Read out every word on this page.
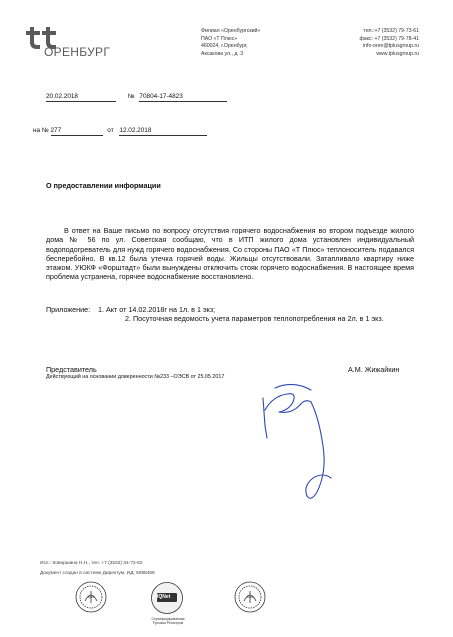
ОРЕНБУРГ
Филиал «Оренбургский»
ПАО «Т Плюс»
460024, г.Оренбург,
Аксакова ул., д. 3
тел.:+7 (3532) 79-73-61
факс: +7 (3532) 79-78-41
info-oren@tplusgroup.ru
www.tplusgroup.ru
20.02.2018	№ 70804-17-4823
на № 277	от 12.02.2018
О предоставлении информации
В ответ на Ваше письмо по вопросу отсутствия горячего водоснабжения во втором подъезде жилого дома № 56 по ул. Советская сообщаю, что в ИТП жилого дома установлен индивидуальный водоподогреватель для нужд горячего водоснабжения. Со стороны ПАО «Т Плюс» теплоноситель подавался бесперебойно. В кв.12 была утечка горячей воды. Жильцы отсутствовали. Затапливало квартиру ниже этажом. УЮКФ «Форштадт» были вынуждены отключить стояк горячего водоснабжения. В настоящее время проблема устранена, горячее водоснабжение восстановлено.
Приложение: 1. Акт от 14.02.2018г на 1л. в 1 экз;
2. Посуточная ведомость учета параметров теплопотребления на 2л. в 1 экз.
Представитель
Действующий на основании доверенности №233 –ОЭСВ от 25.05.2017
А.М. Жижайкин
Исп.: Коваршина Н.Н., тел. +7 (3532) 34-72-82
Документ создан в системе Директум, ИД: 5098458
IQNet
Сертифицированная Русским Регистром
